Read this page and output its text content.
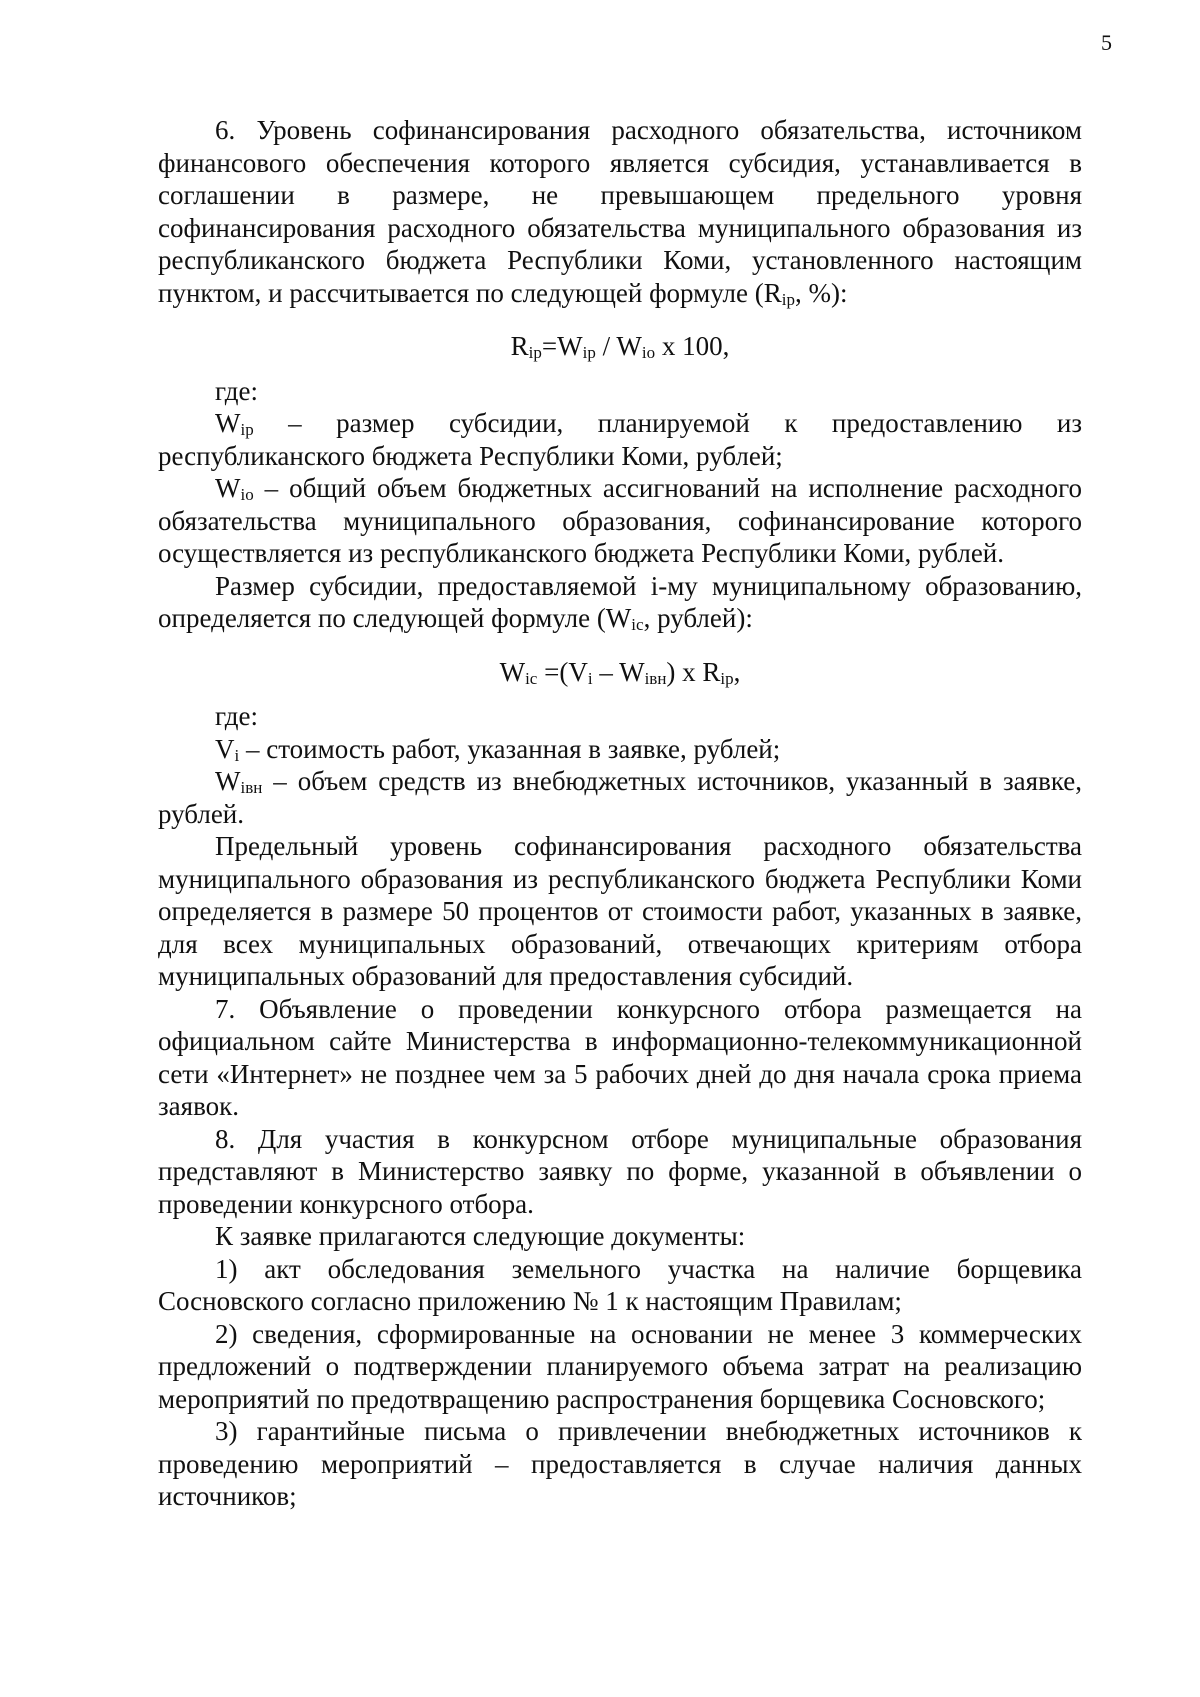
5

6. Уровень софинансирования расходного обязательства, источником финансового обеспечения которого является субсидия, устанавливается в соглашении в размере, не превышающем предельного уровня софинансирования расходного обязательства муниципального образования из республиканского бюджета Республики Коми, установленного настоящим пунктом, и рассчитывается по следующей формуле ($R_{ip}$, %):

$R_{ip}=W_{ip} / W_{io}$ x 100,

где:

$W_{ip}$ – размер субсидии, планируемой к предоставлению из республиканского бюджета Республики Коми, рублей;

$W_{io}$ – общий объем бюджетных ассигнований на исполнение расходного обязательства муниципального образования, софинансирование которого осуществляется из республиканского бюджета Республики Коми, рублей.

Размер субсидии, предоставляемой i-му муниципальному образованию, определяется по следующей формуле ($W_{ic}$, рублей):

$W_{ic} =(V_i - W_{iвн})$ x $R_{ip}$,

где:

$V_i$ – стоимость работ, указанная в заявке, рублей;

$W_{iвн}$ – объем средств из внебюджетных источников, указанный в заявке, рублей.

Предельный уровень софинансирования расходного обязательства муниципального образования из республиканского бюджета Республики Коми определяется в размере 50 процентов от стоимости работ, указанных в заявке, для всех муниципальных образований, отвечающих критериям отбора муниципальных образований для предоставления субсидий.

7. Объявление о проведении конкурсного отбора размещается на официальном сайте Министерства в информационно-телекоммуникационной сети «Интернет» не позднее чем за 5 рабочих дней до дня начала срока приема заявок.

8. Для участия в конкурсном отборе муниципальные образования представляют в Министерство заявку по форме, указанной в объявлении о проведении конкурсного отбора.

К заявке прилагаются следующие документы:

1) акт обследования земельного участка на наличие борщевика Сосновского согласно приложению № 1 к настоящим Правилам;

2) сведения, сформированные на основании не менее 3 коммерческих предложений о подтверждении планируемого объема затрат на реализацию мероприятий по предотвращению распространения борщевика Сосновского;

3) гарантийные письма о привлечении внебюджетных источников к проведению мероприятий – предоставляется в случае наличия данных источников;
